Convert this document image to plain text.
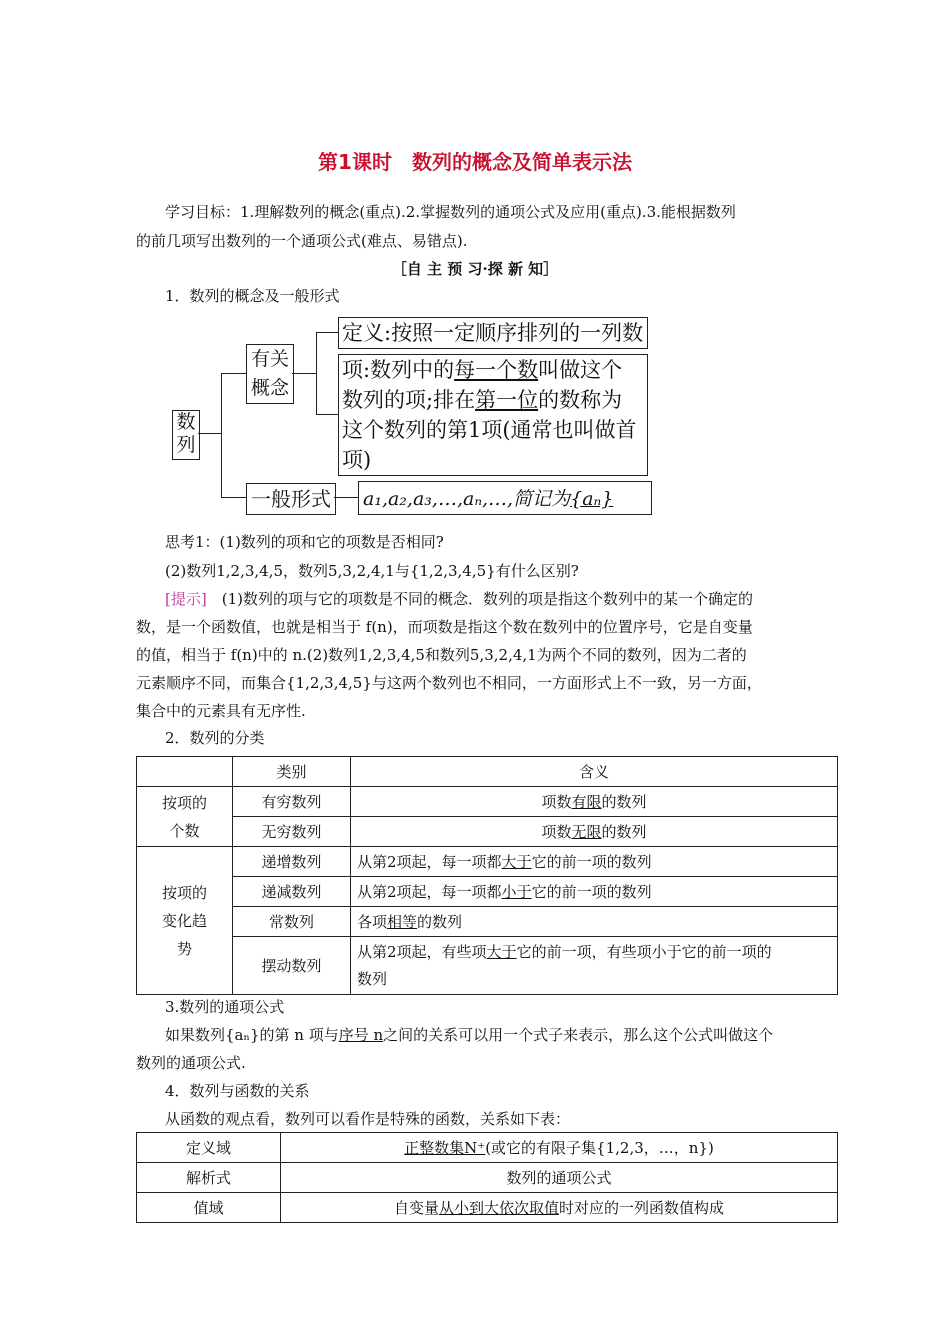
第1课时　数列的概念及简单表示法
学习目标：1.理解数列的概念(重点).2.掌握数列的通项公式及应用(重点).3.能根据数列
的前几项写出数列的一个通项公式(难点、易错点).
［自 主 预 习·探 新 知］
1．数列的概念及一般形式
数
列
有关
概念
定义:按照一定顺序排列的一列数
项:数列中的每一个数叫做这个
数列的项;排在第一位的数称为
这个数列的第1项(通常也叫做首
项)
一般形式 a₁,a₂,a₃,…,aₙ,…,简记为{aₙ}
思考1：(1)数列的项和它的项数是否相同?
(2)数列1,2,3,4,5，数列5,3,2,4,1与{1,2,3,4,5}有什么区别?
[提示]　(1)数列的项与它的项数是不同的概念．数列的项是指这个数列中的某一个确定的
数，是一个函数值，也就是相当于 f(n)，而项数是指这个数在数列中的位置序号，它是自变量
的值，相当于 f(n)中的 n.(2)数列1,2,3,4,5和数列5,3,2,4,1为两个不同的数列，因为二者的
元素顺序不同，而集合{1,2,3,4,5}与这两个数列也不相同，一方面形式上不一致，另一方面，
集合中的元素具有无序性.
2．数列的分类
	类别	含义

按项的
个数	有穷数列	项数有限的数列
	无穷数列	项数无限的数列

按项的
变化趋
势	递增数列	从第2项起，每一项都大于它的前一项的数列
	递减数列	从第2项起，每一项都小于它的前一项的数列
	常数列	各项相等的数列
	摆动数列	从第2项起，有些项大于它的前一项，有些项小于它的前一项的
数列
3.数列的通项公式
如果数列{aₙ}的第 n 项与序号 n之间的关系可以用一个式子来表示，那么这个公式叫做这个
数列的通项公式.
4．数列与函数的关系
从函数的观点看，数列可以看作是特殊的函数，关系如下表：
定义域	正整数集N⁺(或它的有限子集{1,2,3，…，n})
解析式	数列的通项公式
值域	自变量从小到大依次取值时对应的一列函数值构成
